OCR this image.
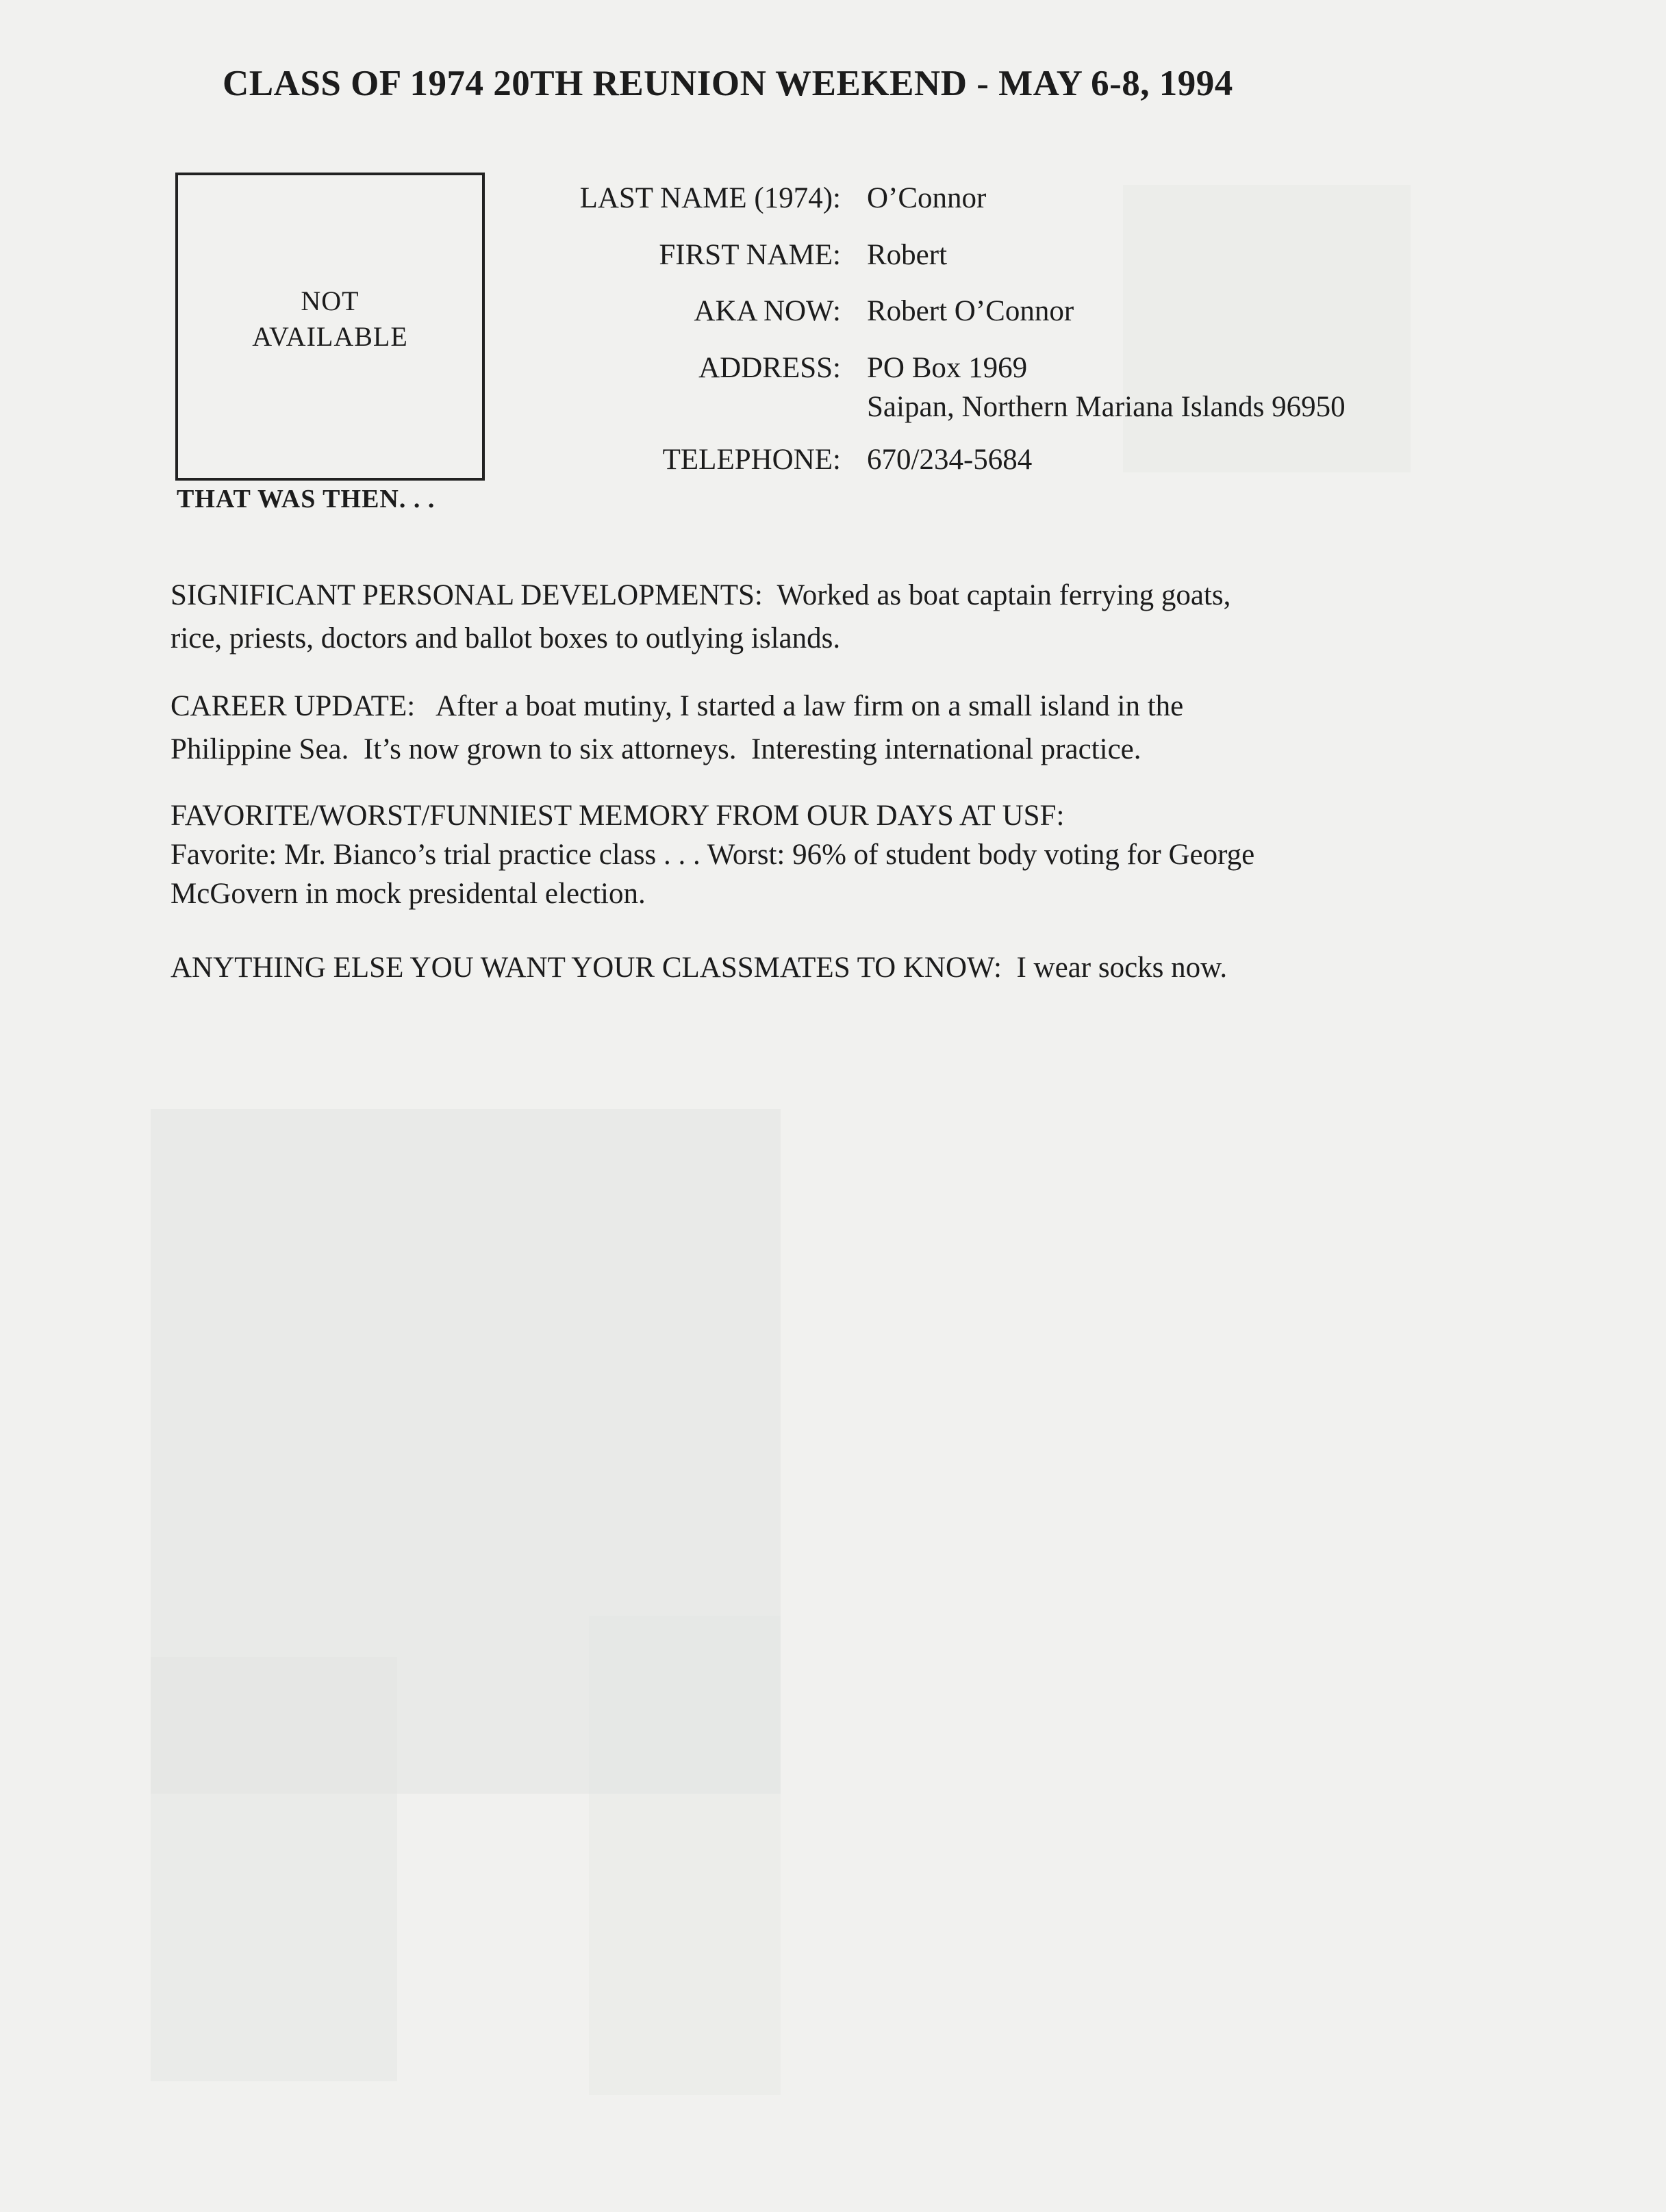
CLASS OF 1974 20TH REUNION WEEKEND - MAY 6-8, 1994
NOT
AVAILABLE
THAT WAS THEN. . .
LAST NAME (1974): O’Connor
FIRST NAME: Robert
AKA NOW: Robert O’Connor
ADDRESS: PO Box 1969
Saipan, Northern Mariana Islands 96950
TELEPHONE: 670/234-5684

SIGNIFICANT PERSONAL DEVELOPMENTS:  Worked as boat captain ferrying goats,

rice, priests, doctors and ballot boxes to outlying islands.

CAREER UPDATE:   After a boat mutiny, I started a law firm on a small island in the

Philippine Sea.  It’s now grown to six attorneys.  Interesting international practice.

FAVORITE/WORST/FUNNIEST MEMORY FROM OUR DAYS AT USF:

Favorite: Mr. Bianco’s trial practice class . . . Worst: 96% of student body voting for George

McGovern in mock presidental election.

ANYTHING ELSE YOU WANT YOUR CLASSMATES TO KNOW:  I wear socks now.
